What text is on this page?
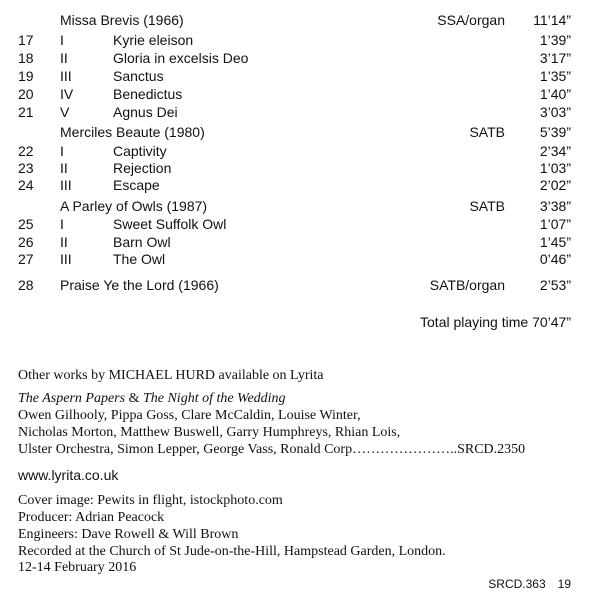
Missa Brevis (1966)	SSA/organ 11’14”
17 I	Kyrie eleison	1’39”
18 II	Gloria in excelsis Deo	3’17”
19 III	Sanctus	1’35”
20 IV	Benedictus	1’40”
21 V	Agnus Dei	3’03”
Merciles Beaute (1980)	SATB 5’39”
22 I	Captivity	2’34”
23 II	Rejection	1’03”
24 III	Escape	2’02”
A Parley of Owls (1987)	SATB 3’38”
25 I	Sweet Suffolk Owl	1’07”
26 II	Barn Owl	1’45”
27 III	The Owl	0’46”
28 Praise Ye the Lord (1966)	SATB/organ 2’53”
Total playing time 70’47”
Other works by MICHAEL HURD available on Lyrita
The Aspern Papers & The Night of the Wedding
Owen Gilhooly, Pippa Goss, Clare McCaldin, Louise Winter,
Nicholas Morton, Matthew Buswell, Garry Humphreys, Rhian Lois,
Ulster Orchestra, Simon Lepper, George Vass, Ronald Corp…………………..SRCD.2350
www.lyrita.co.uk
Cover image: Pewits in flight, istockphoto.com
Producer: Adrian Peacock
Engineers: Dave Rowell & Will Brown
Recorded at the Church of St Jude-on-the-Hill, Hampstead Garden, London.
12-14 February 2016
SRCD.363 19
